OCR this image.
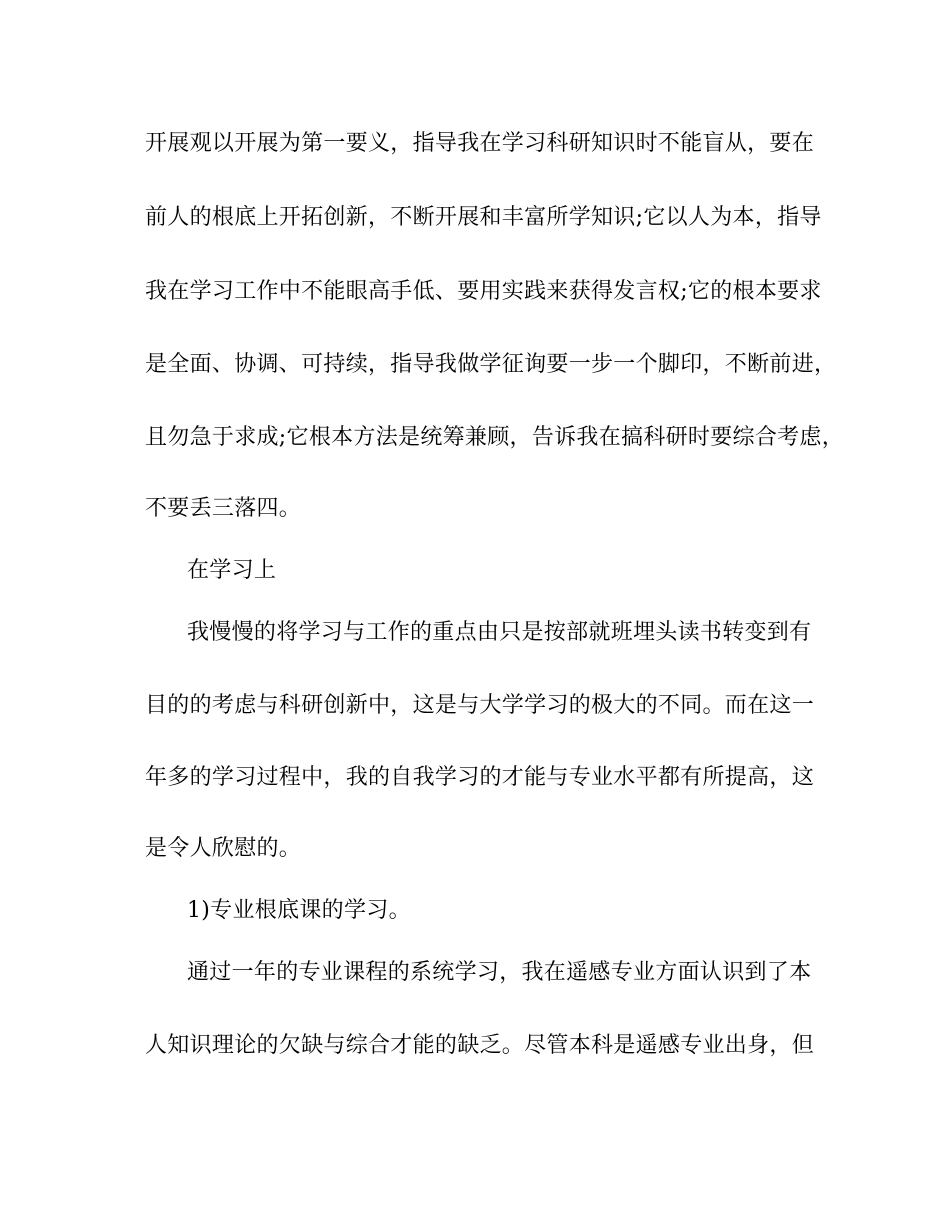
开展观以开展为第一要义，指导我在学习科研知识时不能盲从，要在
前人的根底上开拓创新，不断开展和丰富所学知识;它以人为本，指导
我在学习工作中不能眼高手低、要用实践来获得发言权;它的根本要求
是全面、协调、可持续，指导我做学征询要一步一个脚印，不断前进，
且勿急于求成;它根本方法是统筹兼顾，告诉我在搞科研时要综合考虑，
不要丢三落四。
在学习上
我慢慢的将学习与工作的重点由只是按部就班埋头读书转变到有
目的的考虑与科研创新中，这是与大学学习的极大的不同。而在这一
年多的学习过程中，我的自我学习的才能与专业水平都有所提高，这
是令人欣慰的。
1)专业根底课的学习。
通过一年的专业课程的系统学习，我在遥感专业方面认识到了本
人知识理论的欠缺与综合才能的缺乏。尽管本科是遥感专业出身，但
